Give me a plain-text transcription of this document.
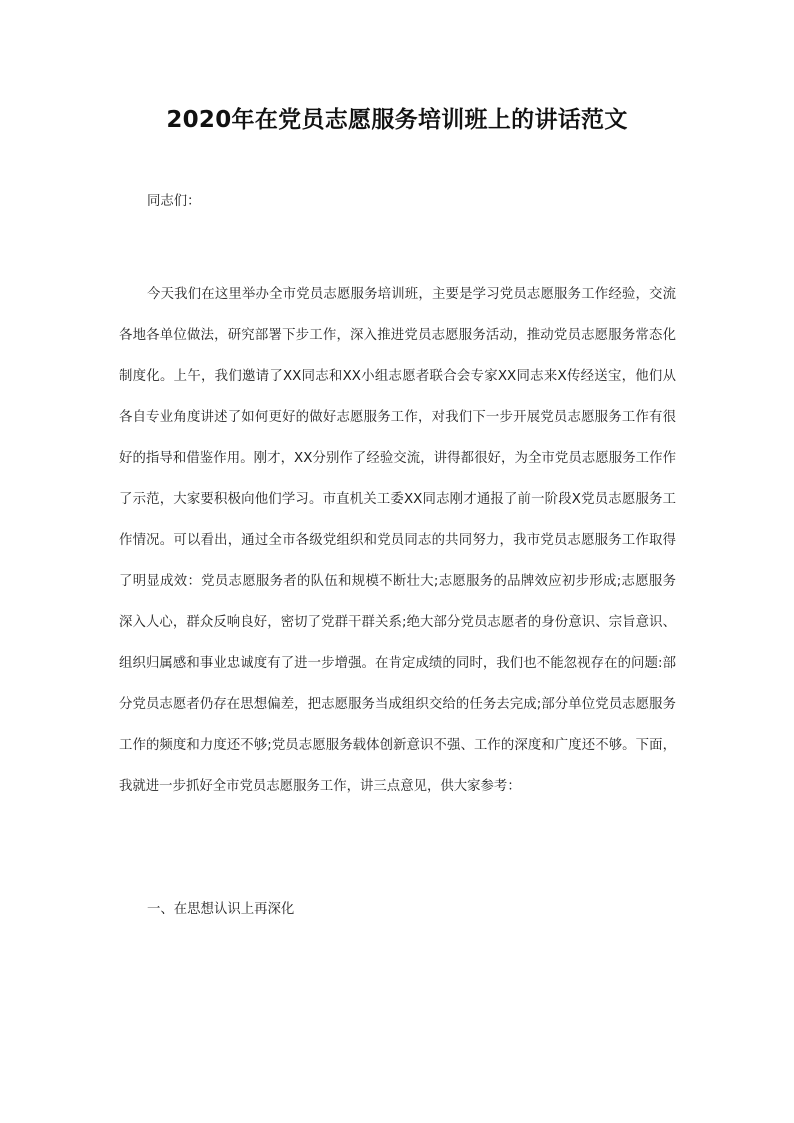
2020年在党员志愿服务培训班上的讲话范文
同志们：

今天我们在这里举办全市党员志愿服务培训班，主要是学习党员志愿服务工作经验，交流各地各单位做法，研究部署下步工作，深入推进党员志愿服务活动，推动党员志愿服务常态化制度化。上午，我们邀请了XX同志和XX小组志愿者联合会专家XX同志来X传经送宝，他们从各自专业角度讲述了如何更好的做好志愿服务工作，对我们下一步开展党员志愿服务工作有很好的指导和借鉴作用。刚才，XX分别作了经验交流，讲得都很好，为全市党员志愿服务工作作了示范，大家要积极向他们学习。市直机关工委XX同志刚才通报了前一阶段X党员志愿服务工作情况。可以看出，通过全市各级党组织和党员同志的共同努力，我市党员志愿服务工作取得了明显成效：党员志愿服务者的队伍和规模不断壮大;志愿服务的品牌效应初步形成;志愿服务深入人心，群众反响良好，密切了党群干群关系;绝大部分党员志愿者的身份意识、宗旨意识、组织归属感和事业忠诚度有了进一步增强。在肯定成绩的同时，我们也不能忽视存在的问题:部分党员志愿者仍存在思想偏差，把志愿服务当成组织交给的任务去完成;部分单位党员志愿服务工作的频度和力度还不够;党员志愿服务载体创新意识不强、工作的深度和广度还不够。下面，我就进一步抓好全市党员志愿服务工作，讲三点意见，供大家参考：

一、在思想认识上再深化
